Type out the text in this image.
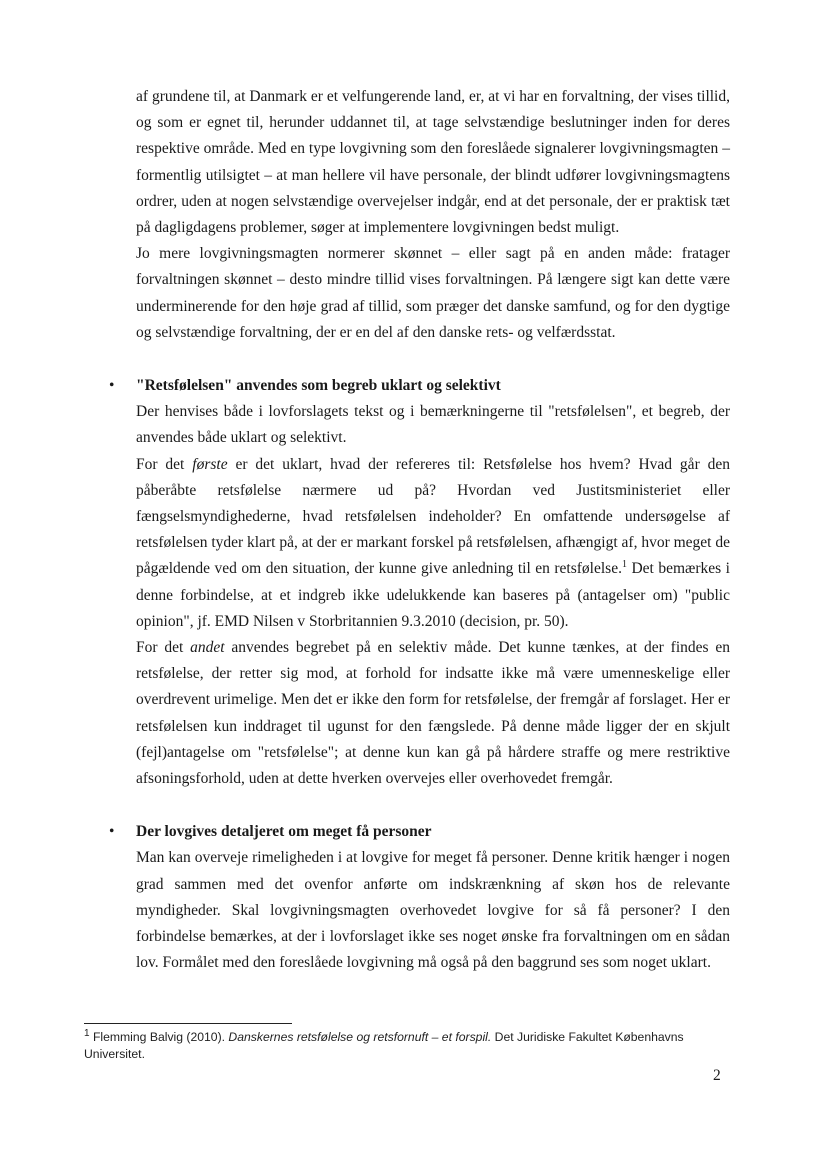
af grundene til, at Danmark er et velfungerende land, er, at vi har en forvaltning, der vises tillid, og som er egnet til, herunder uddannet til, at tage selvstændige beslutninger inden for deres respektive område. Med en type lovgivning som den foreslåede signalerer lovgivningsmagten – formentlig utilsigtet – at man hellere vil have personale, der blindt udfører lovgivningsmagtens ordrer, uden at nogen selvstændige overvejelser indgår, end at det personale, der er praktisk tæt på dagligdagens problemer, søger at implementere lovgivningen bedst muligt.

Jo mere lovgivningsmagten normerer skønnet – eller sagt på en anden måde: fratager forvaltningen skønnet – desto mindre tillid vises forvaltningen. På længere sigt kan dette være underminerende for den høje grad af tillid, som præger det danske samfund, og for den dygtige og selvstændige forvaltning, der er en del af den danske rets- og velfærdsstat.

• "Retsfølelsen" anvendes som begreb uklart og selektivt

Der henvises både i lovforslagets tekst og i bemærkningerne til "retsfølelsen", et begreb, der anvendes både uklart og selektivt.

For det første er det uklart, hvad der refereres til: Retsfølelse hos hvem? Hvad går den påberåbte retsfølelse nærmere ud på? Hvordan ved Justitsministeriet eller fængselsmyndighederne, hvad retsfølelsen indeholder? En omfattende undersøgelse af retsfølelsen tyder klart på, at der er markant forskel på retsfølelsen, afhængigt af, hvor meget de pågældende ved om den situation, der kunne give anledning til en retsfølelse.$^1$ Det bemærkes i denne forbindelse, at et indgreb ikke udelukkende kan baseres på (antagelser om) "public opinion", jf. EMD Nilsen v Storbritannien 9.3.2010 (decision, pr. 50).

For det andet anvendes begrebet på en selektiv måde. Det kunne tænkes, at der findes en retsfølelse, der retter sig mod, at forhold for indsatte ikke må være umenneskelige eller overdrevent urimelige. Men det er ikke den form for retsfølelse, der fremgår af forslaget. Her er retsfølelsen kun inddraget til ugunst for den fængslede. På denne måde ligger der en skjult (fejl)antagelse om "retsfølelse"; at denne kun kan gå på hårdere straffe og mere restriktive afsoningsforhold, uden at dette hverken overvejes eller overhovedet fremgår.

• Der lovgives detaljeret om meget få personer

Man kan overveje rimeligheden i at lovgive for meget få personer. Denne kritik hænger i nogen grad sammen med det ovenfor anførte om indskrænkning af skøn hos de relevante myndigheder. Skal lovgivningsmagten overhovedet lovgive for så få personer? I den forbindelse bemærkes, at der i lovforslaget ikke ses noget ønske fra forvaltningen om en sådan lov. Formålet med den foreslåede lovgivning må også på den baggrund ses som noget uklart.

$^1$ Flemming Balvig (2010). Danskernes retsfølelse og retsfornuft – et forspil. Det Juridiske Fakultet Københavns Universitet.
2
